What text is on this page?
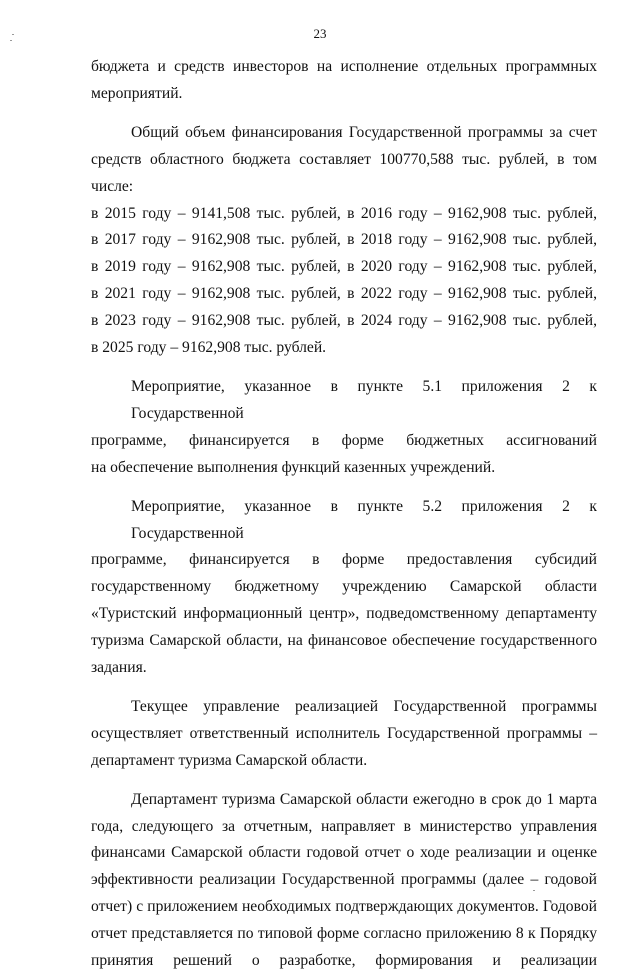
23

бюджета и средств инвесторов на исполнение отдельных программных
мероприятий.

Общий объем финансирования Государственной программы за счет
средств областного бюджета составляет 100770,588 тыс. рублей, в том числе:
в 2015 году – 9141,508 тыс. рублей, в 2016 году – 9162,908 тыс. рублей,
в 2017 году – 9162,908 тыс. рублей, в 2018 году – 9162,908 тыс. рублей,
в 2019 году – 9162,908 тыс. рублей, в 2020 году – 9162,908 тыс. рублей,
в 2021 году – 9162,908 тыс. рублей, в 2022 году – 9162,908 тыс. рублей,
в 2023 году – 9162,908 тыс. рублей, в 2024 году – 9162,908 тыс. рублей,
в 2025 году – 9162,908 тыс. рублей.

Мероприятие, указанное в пункте 5.1 приложения 2 к Государственной
программе, финансируется в форме бюджетных ассигнований
на обеспечение выполнения функций казенных учреждений.

Мероприятие, указанное в пункте 5.2 приложения 2 к Государственной
программе, финансируется в форме предоставления субсидий
государственному бюджетному учреждению Самарской области
«Туристский информационный центр», подведомственному департаменту
туризма Самарской области, на финансовое обеспечение государственного
задания.

Текущее управление реализацией Государственной программы
осуществляет ответственный исполнитель Государственной программы –
департамент туризма Самарской области.

Департамент туризма Самарской области ежегодно в срок до 1 марта
года, следующего за отчетным, направляет в министерство управления
финансами Самарской области годовой отчет о ходе реализации и оценке
эффективности реализации Государственной программы (далее – годовой
отчет) с приложением необходимых подтверждающих документов. Годовой
отчет представляется по типовой форме согласно приложению 8 к Порядку
принятия решений о разработке, формирования и реализации
